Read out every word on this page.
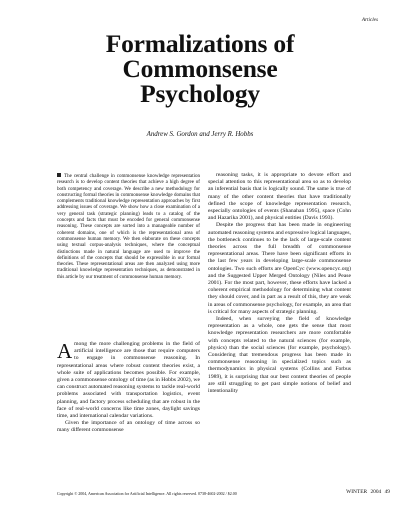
Articles
Formalizations of
Commonsense
Psychology
Andrew S. Gordon and Jerry R. Hobbs
The central challenge in commonsense knowledge representation research is to develop content theories that achieve a high degree of both competency and coverage. We describe a new methodology for constructing formal theories in commonsense knowledge domains that complements traditional knowledge representation approaches by first addressing issues of coverage. We show how a close examination of a very general task (strategic planning) leads to a catalog of the concepts and facts that must be encoded for general commonsense reasoning. These concepts are sorted into a manageable number of coherent domains, one of which is the representational area of commonsense human memory. We then elaborate on these concepts using textual corpus-analysis techniques, where the conceptual distinctions made in natural language are used to improve the definitions of the concepts that should be expressible in our formal theories. These representational areas are then analyzed using more traditional knowledge representation techniques, as demonstrated in this article by our treatment of commonsense human memory.

Among the more challenging problems in the field of artificial intelligence are those that require computers to engage in commonsense reasoning. In representational areas where robust content theories exist, a whole suite of applications becomes possible. For example, given a commonsense ontology of time (as in Hobbs 2002), we can construct automated reasoning systems to tackle real-world problems associated with transportation logistics, event planning, and factory process scheduling that are robust in the face of real-world concerns like time zones, daylight savings time, and international calendar variations.

Given the importance of an ontology of time across so many different commonsense

reasoning tasks, it is appropriate to devote effort and special attention to this representational area so as to develop an inferential basis that is logically sound. The same is true of many of the other content theories that have traditionally defined the scope of knowledge representation research, especially ontologies of events (Shanahan 1995), space (Cohn and Hazarika 2001), and physical entities (Davis 1993).

Despite the progress that has been made in engineering automated reasoning systems and expressive logical languages, the bottleneck continues to be the lack of large-scale content theories across the full breadth of commonsense representational areas. There have been significant efforts in the last few years in developing large-scale commonsense ontologies. Two such efforts are OpenCyc (www.opencyc.org) and the Suggested Upper Merged Ontology (Niles and Pease 2001). For the most part, however, these efforts have lacked a coherent empirical methodology for determining what content they should cover, and in part as a result of this, they are weak in areas of commonsense psychology, for example, an area that is critical for many aspects of strategic planning.

Indeed, when surveying the field of knowledge representation as a whole, one gets the sense that most knowledge representation researchers are more comfortable with concepts related to the natural sciences (for example, physics) than the social sciences (for example, psychology). Considering that tremendous progress has been made in commonsense reasoning in specialized topics such as thermodynamics in physical systems (Collins and Forbus 1989), it is surprising that our best content theories of people are still struggling to get past simple notions of belief and intentionality

Copyright © 2004, American Association for Artificial Intelligence. All rights reserved. 0738-4602-2002 / $2.00	WINTER 2004 49
